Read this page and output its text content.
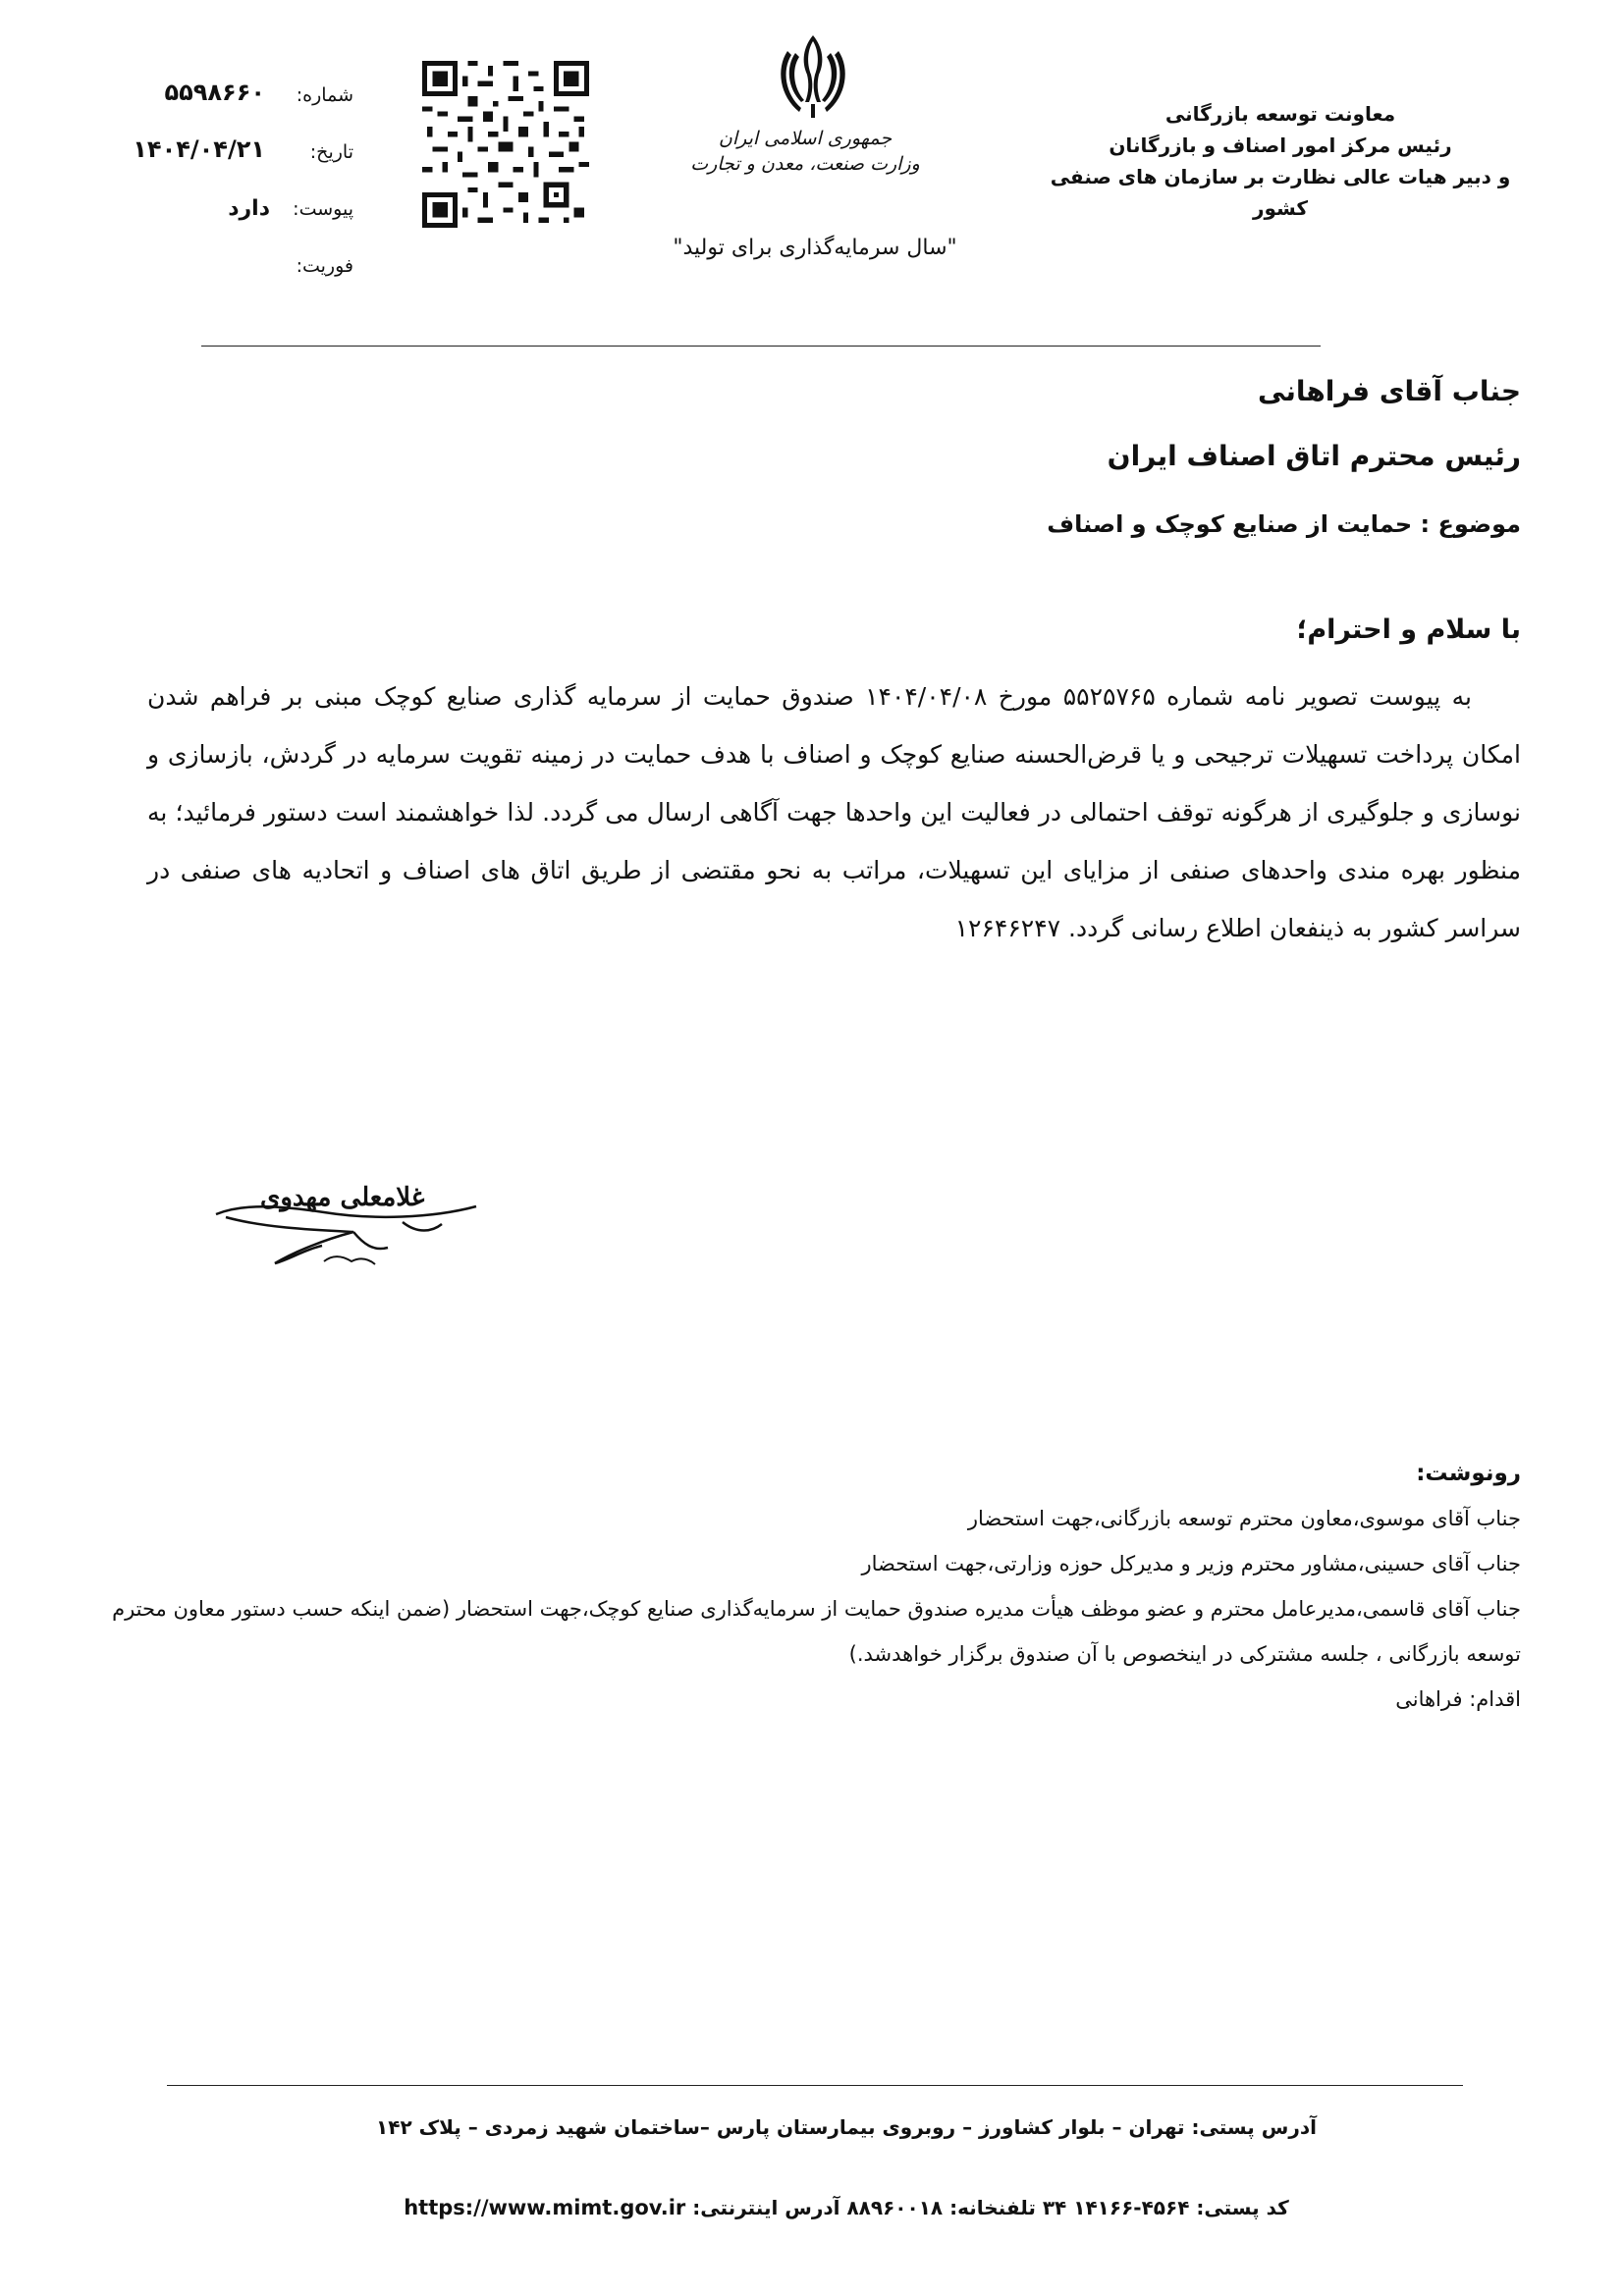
معاونت توسعه بازرگانی
رئیس مرکز امور اصناف و بازرگانان
و دبیر هیات عالی نظارت بر سازمان های صنفی کشور
جمهوری اسلامی ایران
وزارت صنعت، معدن و تجارت
"سال سرمایه‌گذاری برای تولید"
شماره:
۵۵۹۸۶۶۰
تاریخ:
۱۴۰۴/۰۴/۲۱
پیوست:
دارد
فوریت:
جناب آقای فراهانی
رئیس محترم اتاق اصناف ایران
موضوع : حمایت از صنایع کوچک و اصناف
با سلام و احترام؛

به پیوست تصویر نامه شماره ۵۵۲۵۷۶۵ مورخ ۱۴۰۴/۰۴/۰۸ صندوق حمایت از سرمایه گذاری صنایع کوچک مبنی بر فراهم شدن امکان پرداخت تسهیلات ترجیحی و یا قرض‌الحسنه صنایع کوچک و اصناف با هدف حمایت در زمینه تقویت سرمایه در گردش، بازسازی و نوسازی و جلوگیری از هرگونه توقف احتمالی در فعالیت این واحدها جهت آگاهی ارسال می گردد. لذا خواهشمند است دستور فرمائید؛ به منظور بهره مندی واحدهای صنفی از مزایای این تسهیلات، مراتب به نحو مقتضی از طریق اتاق های اصناف و اتحادیه های صنفی در سراسر کشور به ذینفعان اطلاع رسانی گردد. ۱۲۶۴۶۲۴۷

غلامعلی مهدوی
رونوشت:
جناب آقای موسوی،معاون محترم توسعه بازرگانی،جهت استحضار
جناب آقای حسینی،مشاور محترم وزیر و مدیرکل حوزه وزارتی،جهت استحضار
جناب آقای قاسمی،مدیرعامل محترم و عضو موظف هیأت مدیره صندوق حمایت از سرمایه‌گذاری صنایع کوچک،جهت استحضار (ضمن اینکه حسب دستور معاون محترم توسعه بازرگانی ، جلسه مشترکی در اینخصوص با آن صندوق برگزار خواهدشد.)
اقدام: فراهانی
آدرس پستی: تهران – بلوار کشاورز – روبروی بیمارستان پارس –ساختمان شهید زمردی – پلاک ۱۴۲
کد پستی: ۴۵۶۴-۱۴۱۶۶ ۳۴ تلفنخانه: ۸۸۹۶۰۰۱۸ آدرس اینترنتی: https://www.mimt.gov.ir
